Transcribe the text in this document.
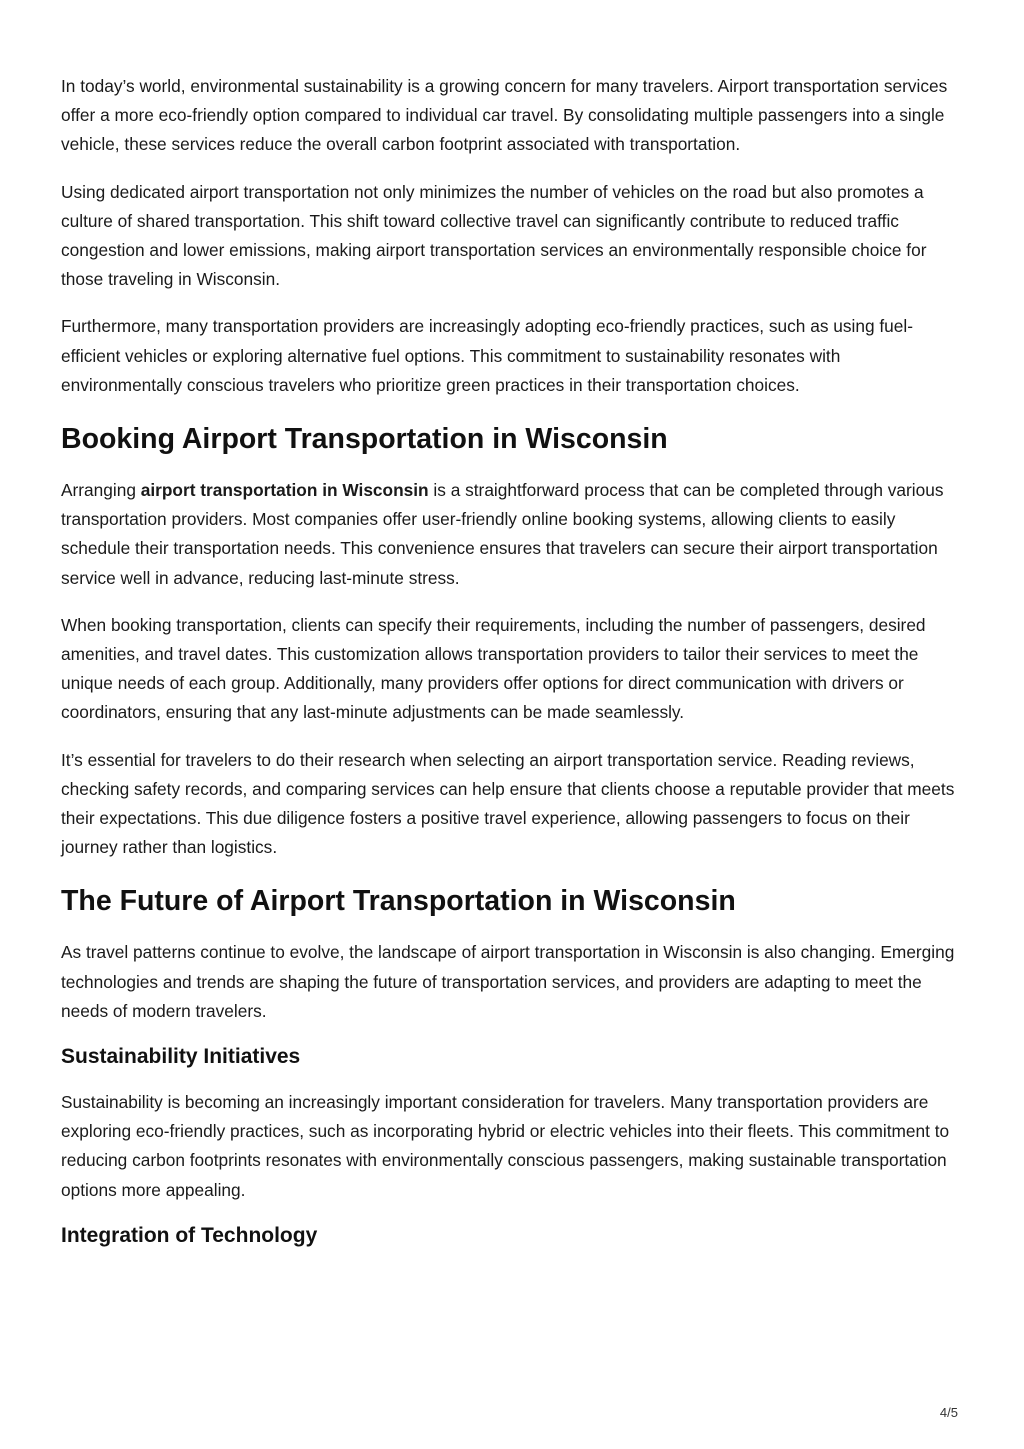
In today’s world, environmental sustainability is a growing concern for many travelers. Airport transportation services offer a more eco-friendly option compared to individual car travel. By consolidating multiple passengers into a single vehicle, these services reduce the overall carbon footprint associated with transportation.

Using dedicated airport transportation not only minimizes the number of vehicles on the road but also promotes a culture of shared transportation. This shift toward collective travel can significantly contribute to reduced traffic congestion and lower emissions, making airport transportation services an environmentally responsible choice for those traveling in Wisconsin.

Furthermore, many transportation providers are increasingly adopting eco-friendly practices, such as using fuel-efficient vehicles or exploring alternative fuel options. This commitment to sustainability resonates with environmentally conscious travelers who prioritize green practices in their transportation choices.

Booking Airport Transportation in Wisconsin

Arranging airport transportation in Wisconsin is a straightforward process that can be completed through various transportation providers. Most companies offer user-friendly online booking systems, allowing clients to easily schedule their transportation needs. This convenience ensures that travelers can secure their airport transportation service well in advance, reducing last-minute stress.

When booking transportation, clients can specify their requirements, including the number of passengers, desired amenities, and travel dates. This customization allows transportation providers to tailor their services to meet the unique needs of each group. Additionally, many providers offer options for direct communication with drivers or coordinators, ensuring that any last-minute adjustments can be made seamlessly.

It’s essential for travelers to do their research when selecting an airport transportation service. Reading reviews, checking safety records, and comparing services can help ensure that clients choose a reputable provider that meets their expectations. This due diligence fosters a positive travel experience, allowing passengers to focus on their journey rather than logistics.

The Future of Airport Transportation in Wisconsin

As travel patterns continue to evolve, the landscape of airport transportation in Wisconsin is also changing. Emerging technologies and trends are shaping the future of transportation services, and providers are adapting to meet the needs of modern travelers.

Sustainability Initiatives

Sustainability is becoming an increasingly important consideration for travelers. Many transportation providers are exploring eco-friendly practices, such as incorporating hybrid or electric vehicles into their fleets. This commitment to reducing carbon footprints resonates with environmentally conscious passengers, making sustainable transportation options more appealing.

Integration of Technology
4/5
